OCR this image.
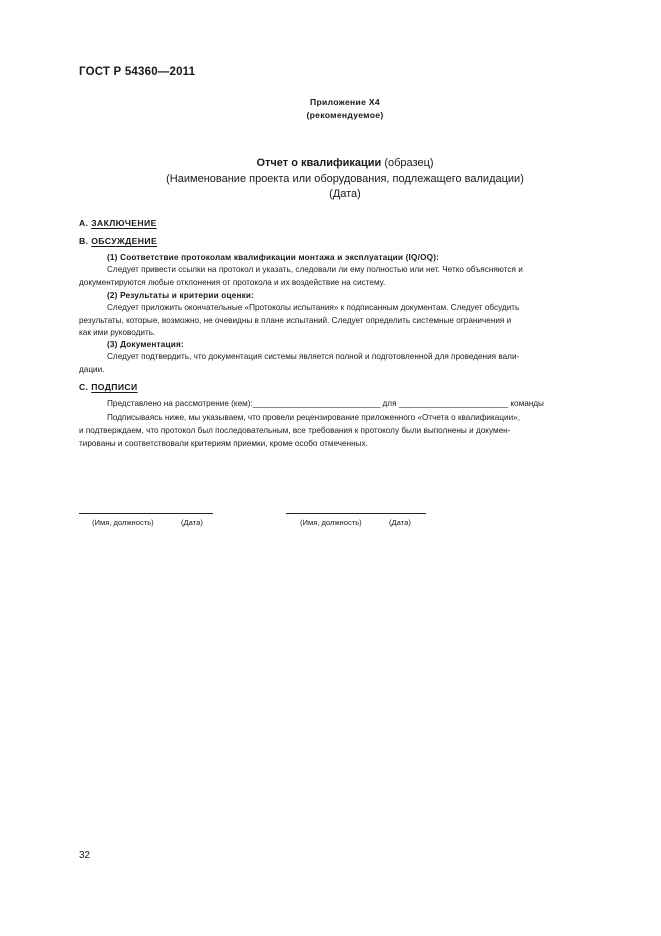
ГОСТ Р 54360—2011
Приложение Х4
(рекомендуемое)
Отчет о квалификации (образец)
(Наименование проекта или оборудования, подлежащего валидации)
(Дата)
А. ЗАКЛЮЧЕНИЕ
В. ОБСУЖДЕНИЕ
(1) Соответствие протоколам квалификации монтажа и эксплуатации (IQ/OQ):
Следует привести ссылки на протокол и указать, следовали ли ему полностью или нет. Четко объясняются и
документируются любые отклонения от протокола и их воздействие на систему.
(2) Результаты и критерии оценки:
Следует приложить окончательные «Протоколы испытания» к подписанным документам. Следует обсудить
результаты, которые, возможно, не очевидны в плане испытаний. Следует определить системные ограничения и
как ими руководить.
(3) Документация:
Следует подтвердить, что документация системы является полной и подготовленной для проведения вали-
дации.
С. ПОДПИСИ
Представлено на рассмотрение (кем):____________________________ для ________________________ команды
Подписываясь ниже, мы указываем, что провели рецензирование приложенного «Отчета о квалификации»,
и подтверждаем, что протокол был последовательным, все требования к протоколу были выполнены и докумен-
тированы и соответствовали критериям приемки, кроме особо отмеченных.
(Имя, должность)	(Дата)	(Имя, должность)	(Дата)
32
